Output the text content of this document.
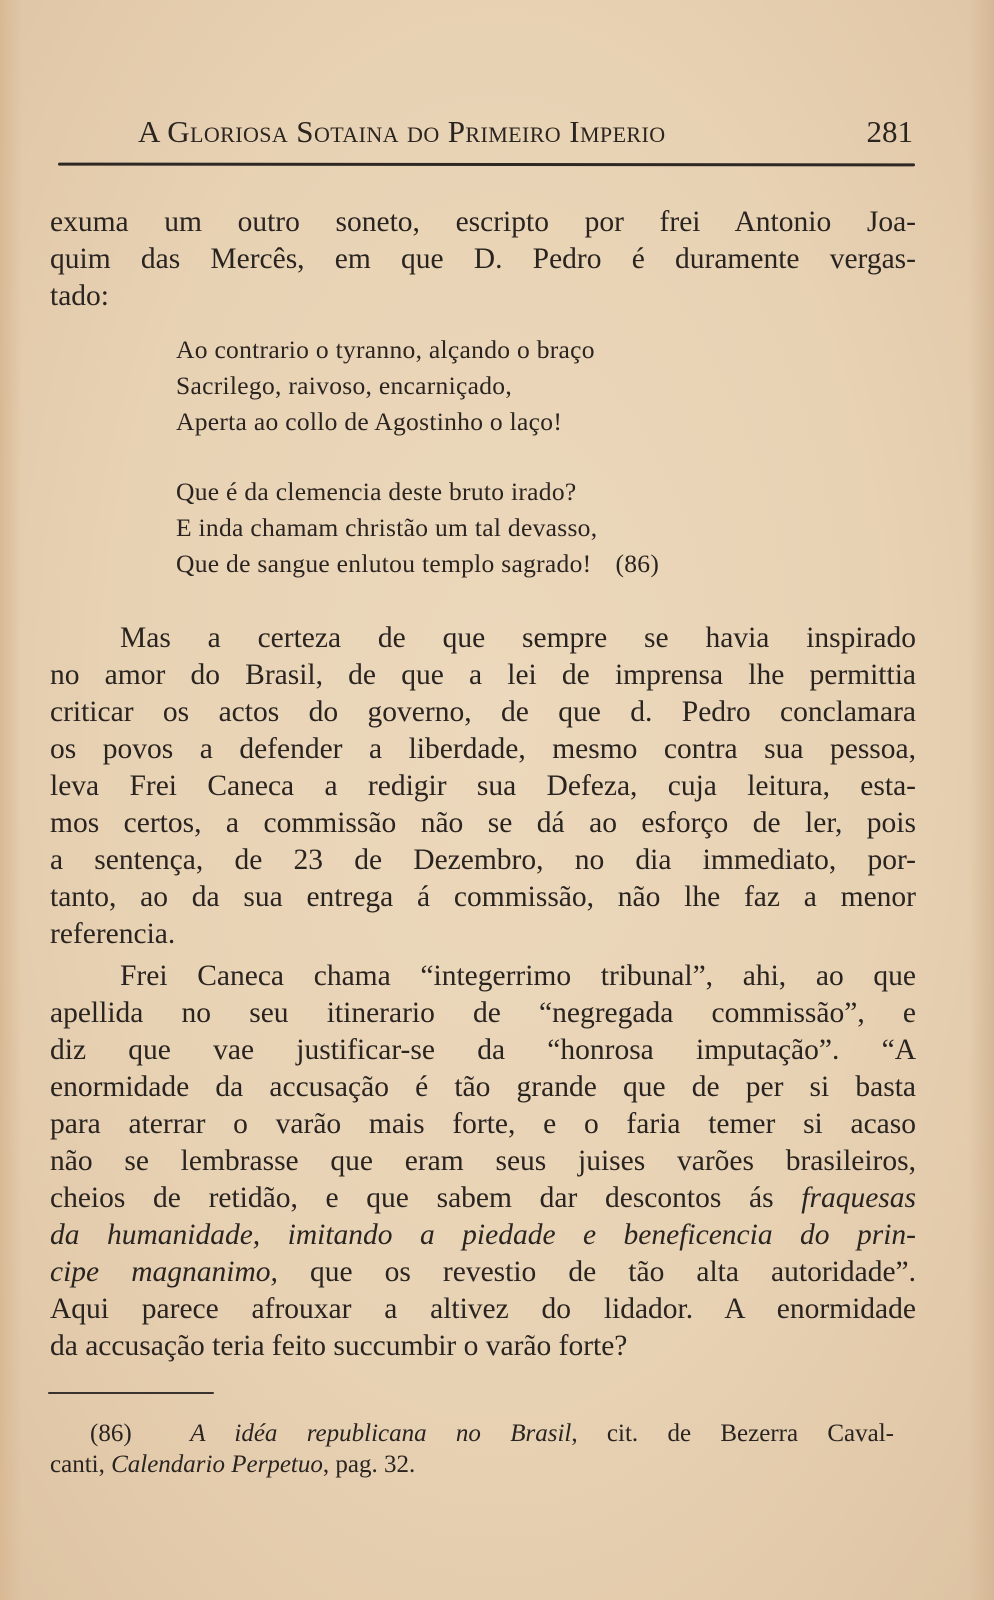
A Gloriosa Sotaina do Primeiro Imperio	281
exuma um outro soneto, escripto por frei Antonio Joa-
quim das Mercês, em que D. Pedro é duramente vergas-
tado:
Ao contrario o tyranno, alçando o braço
Sacrilego, raivoso, encarniçado,
Aperta ao collo de Agostinho o laço!
Que é da clemencia deste bruto irado?
E inda chamam christão um tal devasso,
Que de sangue enlutou templo sagrado! (86)
Mas a certeza de que sempre se havia inspirado
no amor do Brasil, de que a lei de imprensa lhe permittia
criticar os actos do governo, de que d. Pedro conclamara
os povos a defender a liberdade, mesmo contra sua pessoa,
leva Frei Caneca a redigir sua Defeza, cuja leitura, esta-
mos certos, a commissão não se dá ao esforço de ler, pois
a sentença, de 23 de Dezembro, no dia immediato, por-
tanto, ao da sua entrega á commissão, não lhe faz a menor
referencia.
Frei Caneca chama “integerrimo tribunal”, ahi, ao que
apellida no seu itinerario de “negregada commissão”, e
diz que vae justificar-se da “honrosa imputação”. “A
enormidade da accusação é tão grande que de per si basta
para aterrar o varão mais forte, e o faria temer si acaso
não se lembrasse que eram seus juises varões brasileiros,
cheios de retidão, e que sabem dar descontos ás fraquesas
da humanidade, imitando a piedade e beneficencia do prin-
cipe magnanimo, que os revestio de tão alta autoridade”.
Aqui parece afrouxar a altivez do lidador. A enormidade
da accusação teria feito succumbir o varão forte?
(86) A idéa republicana no Brasil, cit. de Bezerra Caval-
canti, Calendario Perpetuo, pag. 32.
